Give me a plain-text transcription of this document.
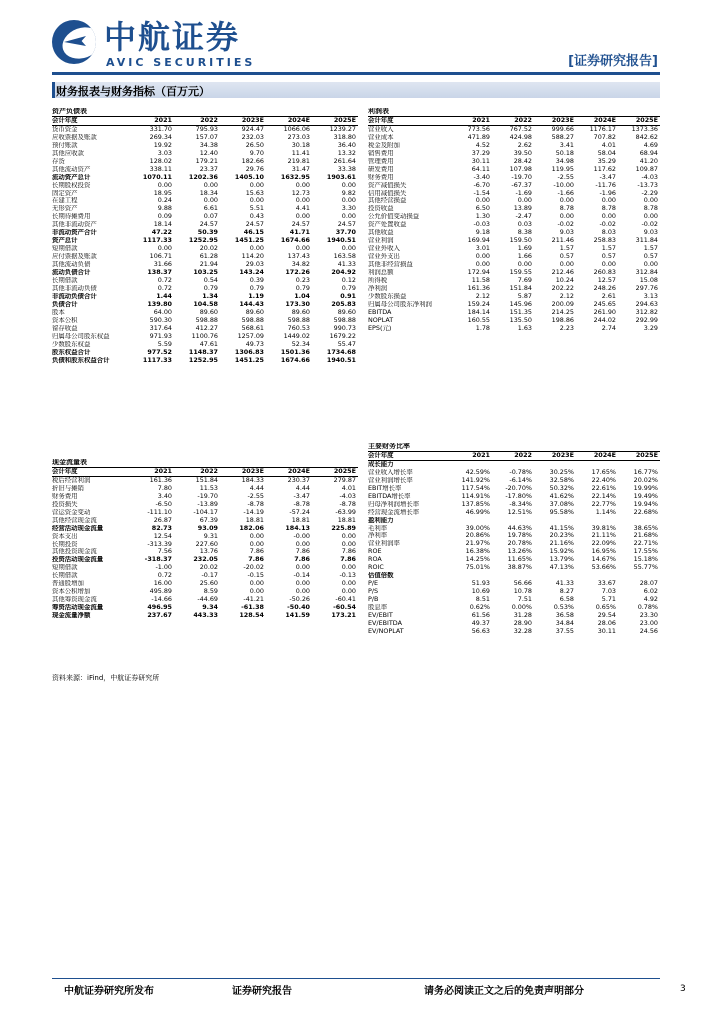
中航证券
AVIC SECURITIES	[证券研究报告]
财务报表与财务指标（百万元）
资产负债表					
会计年度	2021	2022	2023E	2024E	2025E
货币资金	331.70	795.93	924.47	1066.06	1239.27
应收票据及账款	269.34	157.07	232.03	273.03	318.80
预付账款	19.92	34.38	26.50	30.18	36.40
其他应收款	3.03	12.40	9.70	11.41	13.32
存货	128.02	179.21	182.66	219.81	261.64
其他流动资产	338.11	23.37	29.76	31.47	33.38
流动资产总计	1070.11	1202.36	1405.10	1632.95	1903.61
长期股权投资	0.00	0.00	0.00	0.00	0.00
固定资产	18.95	18.34	15.63	12.73	9.82
在建工程	0.24	0.00	0.00	0.00	0.00
无形资产	9.88	6.61	5.51	4.41	3.30
长期待摊费用	0.09	0.07	0.43	0.00	0.00
其他非流动资产	18.14	24.57	24.57	24.57	24.57
非流动资产合计	47.22	50.39	46.15	41.71	37.70
资产总计	1117.33	1252.95	1451.25	1674.66	1940.51
短期借款	0.00	20.02	0.00	0.00	0.00
应付票据及账款	106.71	61.28	114.20	137.43	163.58
其他流动负债	31.66	21.94	29.03	34.82	41.33
流动负债合计	138.37	103.25	143.24	172.26	204.92
长期借款	0.72	0.54	0.39	0.23	0.12
其他非流动负债	0.72	0.79	0.79	0.79	0.79
非流动负债合计	1.44	1.34	1.19	1.04	0.91
负债合计	139.80	104.58	144.43	173.30	205.83
股本	64.00	89.60	89.60	89.60	89.60
资本公积	590.30	598.88	598.88	598.88	598.88
留存收益	317.64	412.27	568.61	760.53	990.73
归属母公司股东权益	971.93	1100.76	1257.09	1449.02	1679.22
少数股东权益	5.59	47.61	49.73	52.34	55.47
股东权益合计	977.52	1148.37	1306.83	1501.36	1734.68
负债和股东权益合计	1117.33	1252.95	1451.25	1674.66	1940.51
利润表					
会计年度	2021	2022	2023E	2024E	2025E
营业收入	773.56	767.52	999.66	1176.17	1373.36
营业成本	471.89	424.98	588.27	707.82	842.62
税金及附加	4.52	2.62	3.41	4.01	4.69
销售费用	37.29	39.50	50.18	58.04	68.94
管理费用	30.11	28.42	34.98	35.29	41.20
研发费用	64.11	107.98	119.95	117.62	109.87
财务费用	-3.40	-19.70	-2.55	-3.47	-4.03
资产减值损失	-6.70	-67.37	-10.00	-11.76	-13.73
信用减值损失	-1.54	-1.69	-1.66	-1.96	-2.29
其他经营损益	0.00	0.00	0.00	0.00	0.00
投资收益	6.50	13.89	8.78	8.78	8.78
公允价值变动损益	1.30	-2.47	0.00	0.00	0.00
资产处置收益	-0.03	0.03	-0.02	-0.02	-0.02
其他收益	9.18	8.38	9.03	8.03	9.03
营业利润	169.94	159.50	211.46	258.83	311.84
营业外收入	3.01	1.69	1.57	1.57	1.57
营业外支出	0.00	1.66	0.57	0.57	0.57
其他非经营损益	0.00	0.00	0.00	0.00	0.00
利润总额	172.94	159.55	212.46	260.83	312.84
所得税	11.58	7.69	10.24	12.57	15.08
净利润	161.36	151.84	202.22	248.26	297.76
少数股东损益	2.12	5.87	2.12	2.61	3.13
归属母公司股东净利润	159.24	145.96	200.09	245.65	294.63
EBITDA	184.14	151.35	214.25	261.90	312.82
NOPLAT	160.55	135.50	198.86	244.02	292.99
EPS(元)	1.78	1.63	2.23	2.74	3.29
主要财务比率					
会计年度	2021	2022	2023E	2024E	2025E
成长能力					
营业收入增长率	42.59%	-0.78%	30.25%	17.65%	16.77%
营业利润增长率	141.92%	-6.14%	32.58%	22.40%	20.02%
EBIT增长率	117.54%	-20.70%	50.32%	22.61%	19.99%
EBITDA增长率	114.91%	-17.80%	41.62%	22.14%	19.49%
归母净利润增长率	137.85%	-8.34%	37.08%	22.77%	19.94%
经营现金流增长率	46.99%	12.51%	95.58%	1.14%	22.68%
盈利能力					
毛利率	39.00%	44.63%	41.15%	39.81%	38.65%
净利率	20.86%	19.78%	20.23%	21.11%	21.68%
营业利润率	21.97%	20.78%	21.16%	22.09%	22.71%
ROE	16.38%	13.26%	15.92%	16.95%	17.55%
ROA	14.25%	11.65%	13.79%	14.67%	15.18%
ROIC	75.01%	38.87%	47.13%	53.66%	55.77%
估值倍数					
P/E	51.93	56.66	41.33	33.67	28.07
P/S	10.69	10.78	8.27	7.03	6.02
P/B	8.51	7.51	6.58	5.71	4.92
股息率	0.62%	0.00%	0.53%	0.65%	0.78%
EV/EBIT	61.56	31.28	36.58	29.54	23.30
EV/EBITDA	49.37	28.90	34.84	28.06	23.00
EV/NOPLAT	56.63	32.28	37.55	30.11	24.56
现金流量表					
会计年度	2021	2022	2023E	2024E	2025E
税后经营利润	161.36	151.84	184.33	230.37	279.87
折旧与摊销	7.80	11.53	4.44	4.44	4.01
财务费用	3.40	-19.70	-2.55	-3.47	-4.03
投资损失	-6.50	-13.89	-8.78	-8.78	-8.78
营运资金变动	-111.10	-104.17	-14.19	-57.24	-63.99
其他经营现金流	26.87	67.39	18.81	18.81	18.81
经营活动现金流量	82.73	93.09	182.06	184.13	225.89
资本支出	12.54	9.31	0.00	-0.00	0.00
长期投资	-313.39	227.60	0.00	0.00	0.00
其他投资现金流	7.56	13.76	7.86	7.86	7.86
投资活动现金流量	-318.37	232.05	7.86	7.86	7.86
短期借款	-1.00	20.02	-20.02	0.00	0.00
长期借款	0.72	-0.17	-0.15	-0.14	-0.13
普通股增加	16.00	25.60	0.00	0.00	0.00
资本公积增加	495.89	8.59	0.00	0.00	0.00
其他筹资现金流	-14.66	-44.69	-41.21	-50.26	-60.41
筹资活动现金流量	496.95	9.34	-61.38	-50.40	-60.54
现金流量净额	237.67	443.33	128.54	141.59	173.21
资料来源：iFind，中航证券研究所
中航证券研究所发布	证券研究报告	请务必阅读正文之后的免责声明部分	3
